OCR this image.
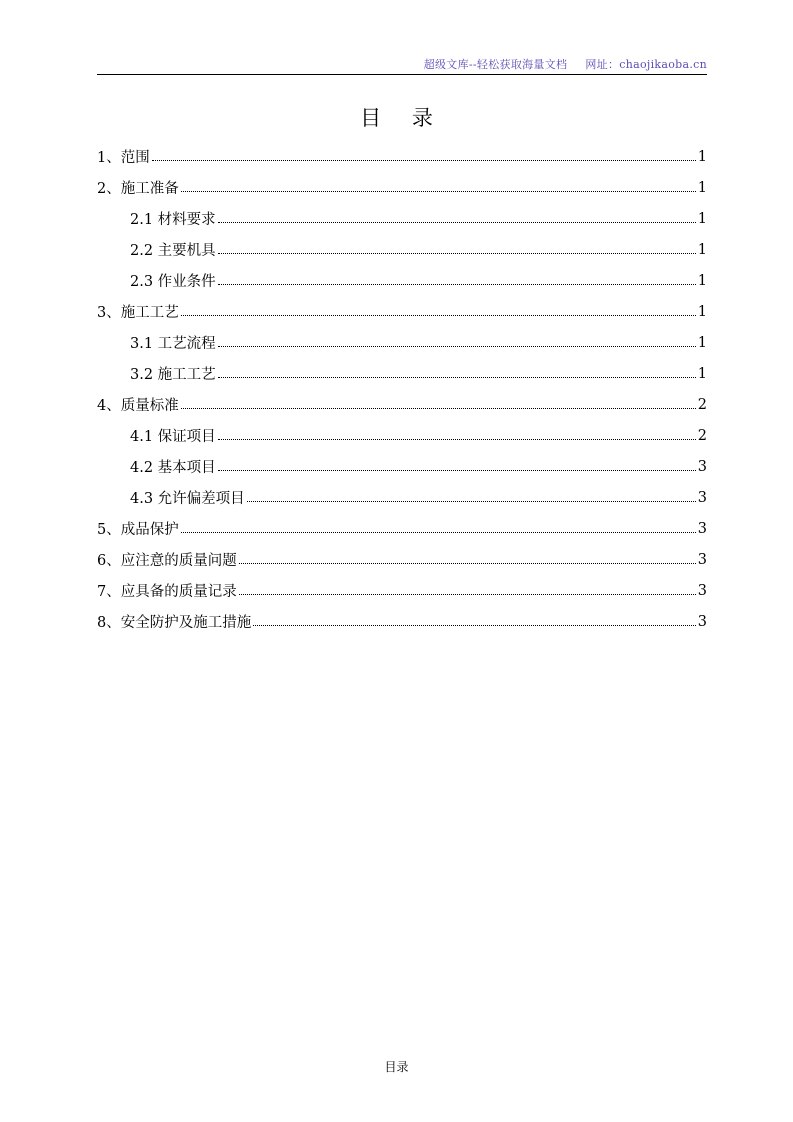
超级文库--轻松获取海量文档 网址：chaojikaoba.cn
目 录
1、范围	1
2、施工准备	1
2.1 材料要求	1
2.2 主要机具	1
2.3 作业条件	1
3、施工工艺	1
3.1 工艺流程	1
3.2 施工工艺	1
4、质量标准	2
4.1 保证项目	2
4.2 基本项目	3
4.3 允许偏差项目	3
5、成品保护	3
6、应注意的质量问题	3
7、应具备的质量记录	3
8、安全防护及施工措施	3
目录
